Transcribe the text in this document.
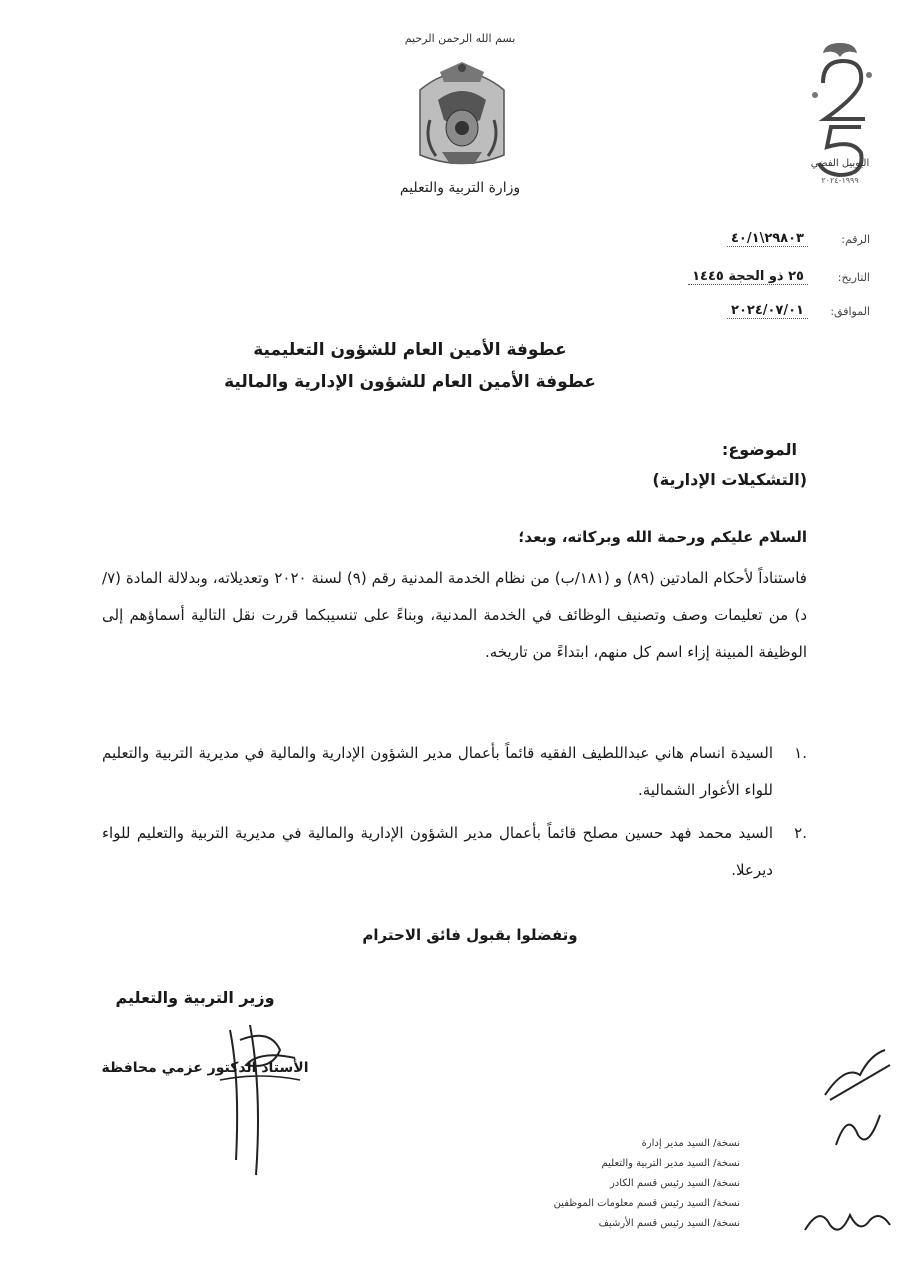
بسم الله الرحمن الرحيم
وزارة التربية والتعليم
اليوبيل الفضي
١٩٩٩-٢٠٢٤
الرقم:
٢٩٨٠٣\٤٠/١
التاريخ:
٢٥ ذو الحجة ١٤٤٥
الموافق:
٢٠٢٤/٠٧/٠١
عطوفة الأمين العام للشؤون التعليمية
عطوفة الأمين العام للشؤون الإدارية والمالية
الموضوع:
(التشكيلات الإدارية)
السلام عليكم ورحمة الله وبركاته، وبعد؛
فاستناداً لأحكام المادتين (٨٩) و (١٨١/ب) من نظام الخدمة المدنية رقم (٩) لسنة ٢٠٢٠ وتعديلاته، وبدلالة المادة (٧/د) من تعليمات وصف وتصنيف الوظائف في الخدمة المدنية، وبناءً على تنسيبكما قررت نقل التالية أسماؤهم إلى الوظيفة المبينة إزاء اسم كل منهم، ابتداءً من تاريخه.
.١
السيدة انسام هاني عبداللطيف الفقيه قائماً بأعمال مدير الشؤون الإدارية والمالية في مديرية التربية والتعليم للواء الأغوار الشمالية.
.٢
السيد محمد فهد حسين مصلح قائماً بأعمال مدير الشؤون الإدارية والمالية في مديرية التربية والتعليم للواء ديرعلا.
وتفضلوا بقبول فائق الاحترام
وزير التربية والتعليم
الأستاذ الدكتور عزمي محافظة
نسخة/ السيد مدير إدارة
نسخة/ السيد مدير التربية والتعليم
نسخة/ السيد رئيس قسم الكادر
نسخة/ السيد رئيس قسم معلومات الموظفين
نسخة/ السيد رئيس قسم الأرشيف
